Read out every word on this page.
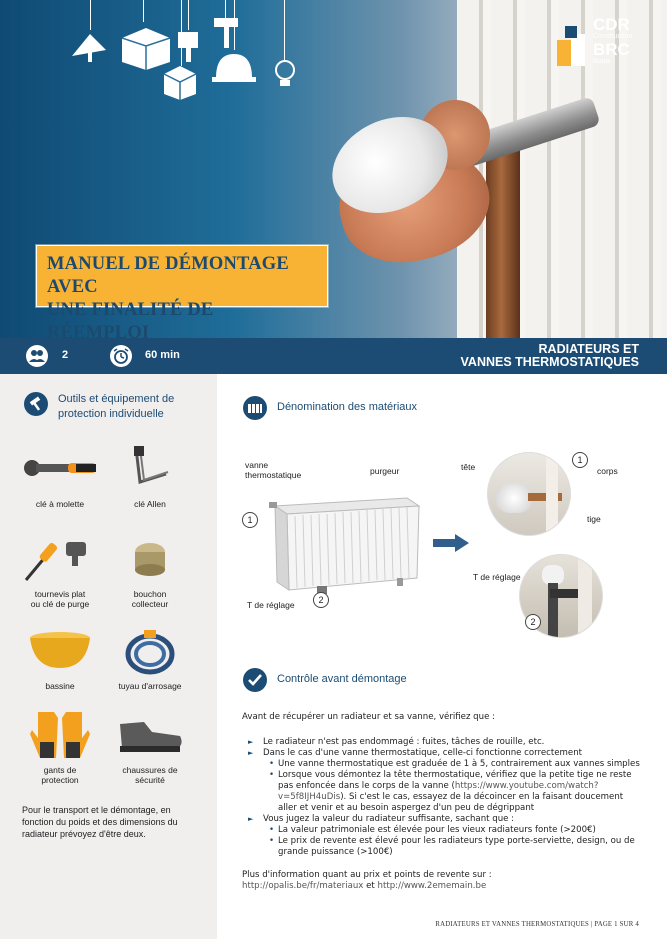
CDR
Construction
BRC
Bouw
MANUEL DE DÉMONTAGE AVEC
UNE FINALITÉ DE RÉEMPLOI
2	60 min	RADIATEURS ET
VANNES THERMOSTATIQUES
Outils et équipement de
protection individuelle
clé à molette	clé Allen
tournevis plat
ou clé de purge
bouchon
collecteur
bassine	tuyau d'arrosage
gants de
protection
chaussures de
sécurité
Pour le transport et le démontage, en fonction du poids et des dimensions du radiateur prévoyez d'être deux.
Dénomination des matériaux
vanne
thermostatique	purgeur
T de réglage
1
2
tête	corps
tige
T de réglage
1
2
Contrôle avant démontage
Avant de récupérer un radiateur et sa vanne, vérifiez que :
► Le radiateur n'est pas endommagé : fuites, tâches de rouille, etc.
► Dans le cas d'une vanne thermostatique, celle-ci fonctionne correctement
• Une vanne thermostatique est graduée de 1 à 5, contrairement aux vannes simples
• Lorsque vous démontez la tête thermostatique, vérifiez que la petite tige ne reste pas enfoncée dans le corps de la vanne (https://www.youtube.com/watch?v=5f8IJH4uDis). Si c'est le cas, essayez de la décoincer en la faisant doucement aller et venir et au besoin aspergez d'un peu de dégrippant
► Vous jugez la valeur du radiateur suffisante, sachant que :
• La valeur patrimoniale est élevée pour les vieux radiateurs fonte (>200€)
• Le prix de revente est élevé pour les radiateurs type porte-serviette, design, ou de grande puissance (>100€)
Plus d'information quant au prix et points de revente sur :
http://opalis.be/fr/materiaux et http://www.2ememain.be
RADIATEURS ET VANNES THERMOSTATIQUES | PAGE 1 SUR 4
